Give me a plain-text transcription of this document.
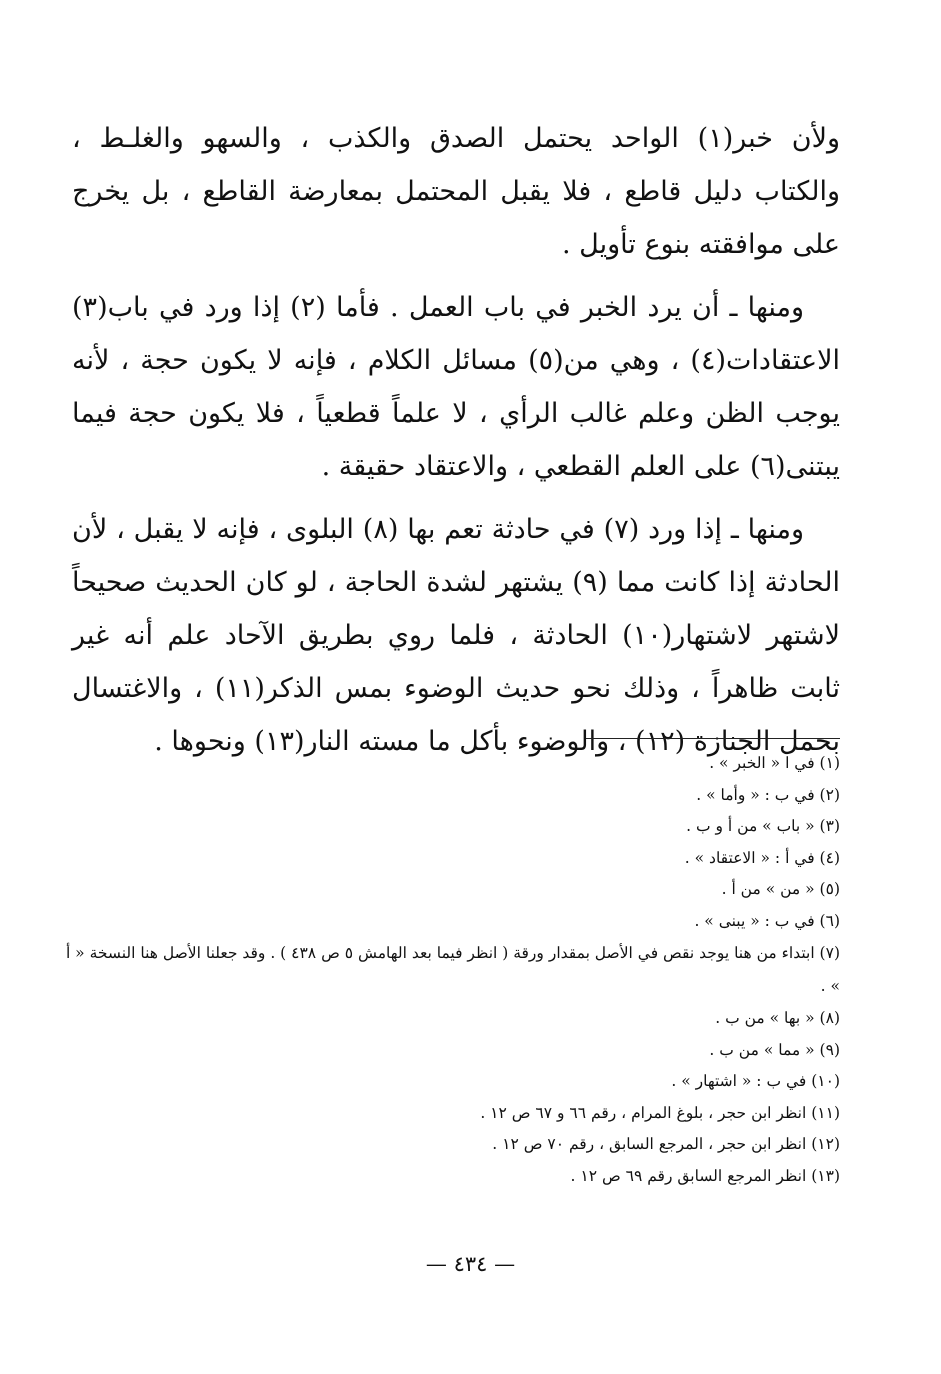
ولأن خبر(١) الواحد يحتمل الصدق والكذب ، والسهو والغلـط ، والكتاب دليل قاطع ، فلا يقبل المحتمل بمعارضة القاطع ، بل يخرج على موافقته بنوع تأويل .

ومنها ـ أن يرد الخبر في باب العمل . فأما (٢) إذا ورد في باب(٣) الاعتقادات(٤) ، وهي من(٥) مسائل الكلام ، فإنه لا يكون حجة ، لأنه يوجب الظن وعلم غالب الرأي ، لا علماً قطعياً ، فلا يكون حجة فيما يبتنى(٦) على العلم القطعي ، والاعتقاد حقيقة .

ومنها ـ إذا ورد (٧) في حادثة تعم بها (٨) البلوى ، فإنه لا يقبل ، لأن الحادثة إذا كانت مما (٩) يشتهر لشدة الحاجة ، لو كان الحديث صحيحاً لاشتهر لاشتهار(١٠) الحادثة ، فلما روي بطريق الآحاد علم أنه غير ثابت ظاهراً ، وذلك نحو حديث الوضوء بمس الذكر(١١) ، والاغتسال بحمل الجنازة (١٢) ، والوضوء بأكل ما مسته النار(١٣) ونحوها .

(١) في ا « الخبر » .

(٢) في ب : « وأما » .

(٣) « باب » من أ و ب .

(٤) في أ : « الاعتقاد » .

(٥) « من » من أ .

(٦) في ب : « يبنى » .

(٧) ابتداء من هنا يوجد نقص في الأصل بمقدار ورقة ( انظر فيما بعد الهامش ٥ ص ٤٣٨ ) . وقد جعلنا الأصل هنا النسخة « أ » .

(٨) « بها » من ب .

(٩) « مما » من ب .

(١٠) في ب : « اشتهار » .

(١١) انظر ابن حجر ، بلوغ المرام ، رقم ٦٦ و ٦٧ ص ١٢ .

(١٢) انظر ابن حجر ، المرجع السابق ، رقم ٧٠ ص ١٢ .

(١٣) انظر المرجع السابق رقم ٦٩ ص ١٢ .

— ٤٣٤ —
